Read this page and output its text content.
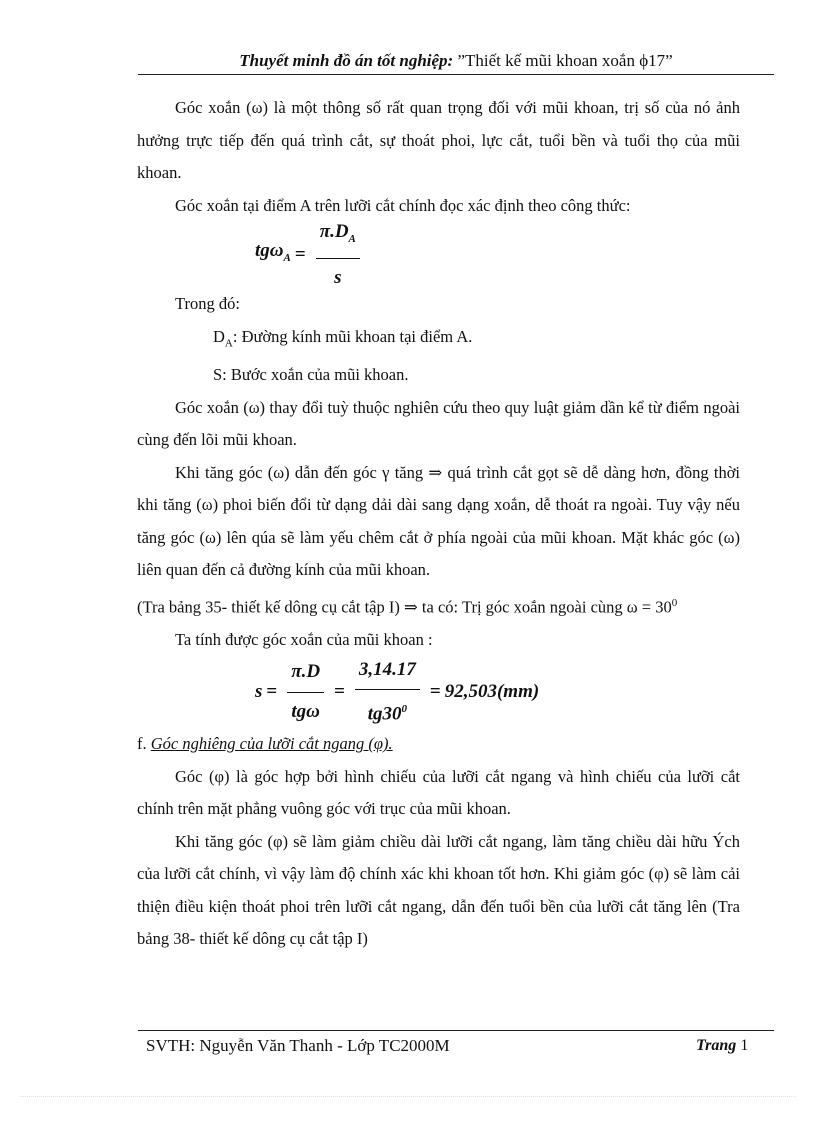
Thuyết minh đồ án tốt nghiệp: ”Thiết kế mũi khoan xoắn ϕ17”

Góc xoắn (ω) là một thông số rất quan trọng đối với mũi khoan, trị số của nó ảnh hưởng trực tiếp đến quá trình cắt, sự thoát phoi, lực cắt, tuổi bền và tuổi thọ của mũi khoan.

Góc xoắn tại điểm A trên lưỡi cắt chính đọc xác định theo công thức:

$tg\omega_A = \frac{\pi.D_A}{s}$

Trong đó:

$D_A$: Đường kính mũi khoan tại điểm A.

S: Bước xoắn của mũi khoan.

Góc xoắn (ω) thay đổi tuỳ thuộc nghiên cứu theo quy luật giảm dần kể từ điểm ngoài cùng đến lõi mũi khoan.

Khi tăng góc (ω) dẫn đến góc γ tăng ⇒ quá trình cắt gọt sẽ dễ dàng hơn, đồng thời khi tăng (ω) phoi biến đổi từ dạng dải dài sang dạng xoắn, dễ thoát ra ngoài. Tuy vậy nếu tăng góc (ω) lên qúa sẽ làm yếu chêm cắt ở phía ngoài của mũi khoan. Mặt khác góc (ω) liên quan đến cả đường kính của mũi khoan.

(Tra bảng 35- thiết kế dông cụ cắt tập I) ⇒ ta có: Trị góc xoắn ngoài cùng $\omega = 30^0$

Ta tính được góc xoắn của mũi khoan :

$s = \frac{\pi.D}{\text{tgω}} = \frac{3,14.17}{tg30^0} = 92,503(mm)$

f. Góc nghiêng của lưỡi cắt ngang (φ).

Góc (φ) là góc hợp bởi hình chiếu của lưỡi cắt ngang và hình chiếu của lưỡi cắt chính trên mặt phẳng vuông góc với trục của mũi khoan.

Khi tăng góc (φ) sẽ làm giảm chiều dài lưỡi cắt ngang, làm tăng chiều dài hữu Ých của lưỡi cắt chính, vì vậy làm độ chính xác khi khoan tốt hơn. Khi giảm góc (φ) sẽ làm cải thiện điều kiện thoát phoi trên lưỡi cắt ngang, dẫn đến tuổi bền của lưỡi cắt tăng lên (Tra bảng 38- thiết kế dông cụ cắt tập I)

SVTH: Nguyễn Văn Thanh - Lớp TC2000M	Trang 1
